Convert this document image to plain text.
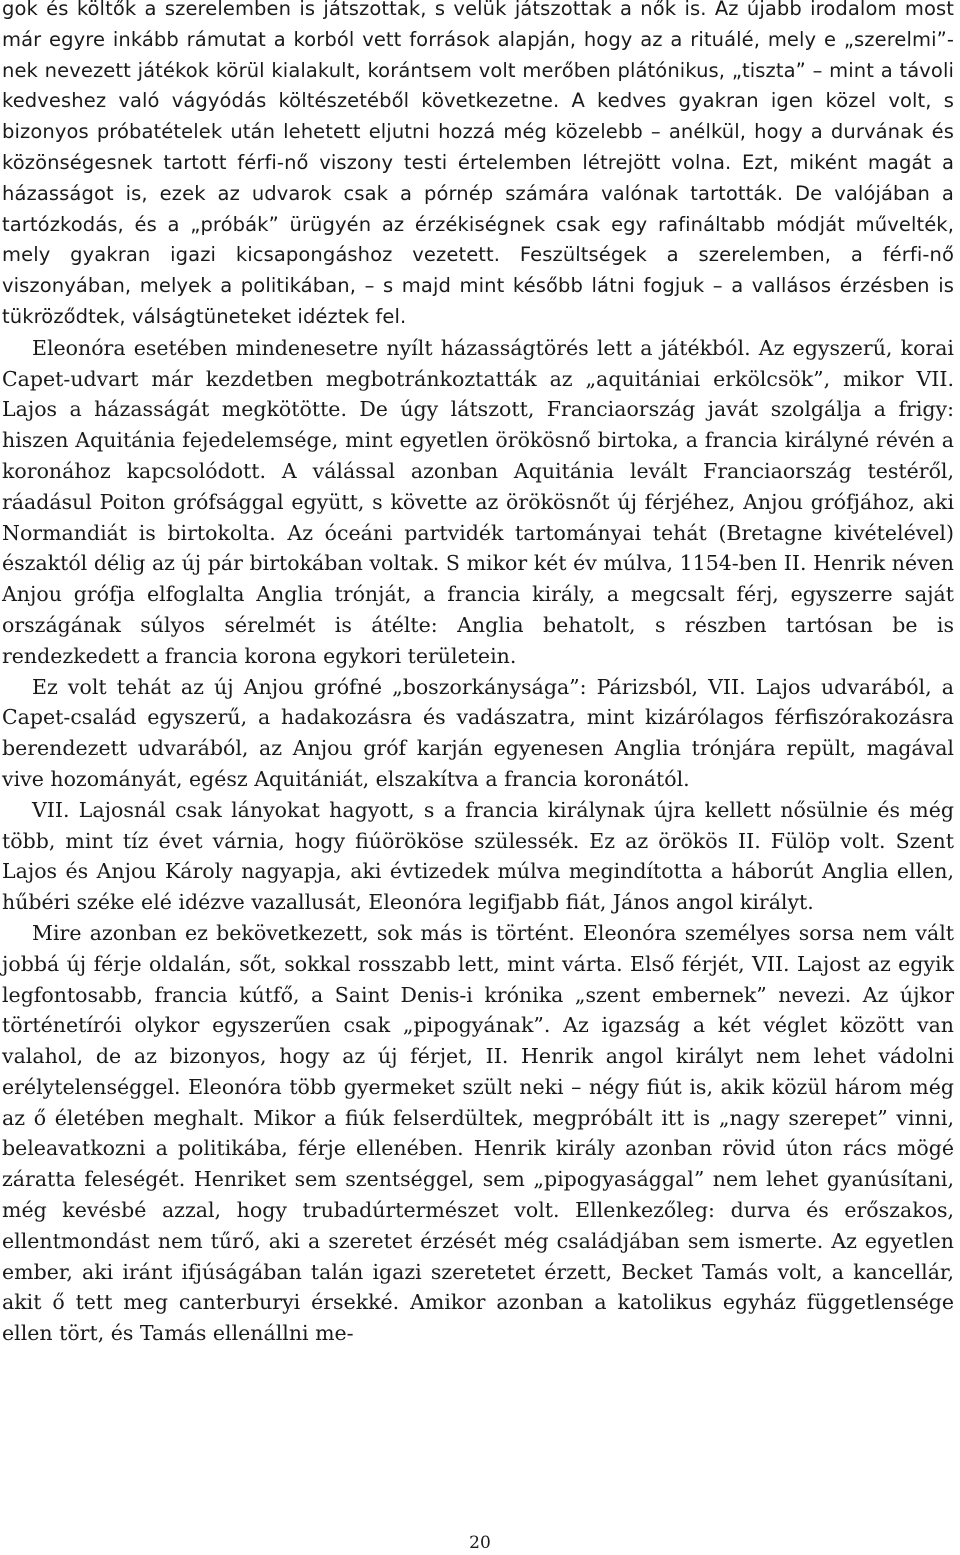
gok és költők a szerelemben is játszottak, s velük játszottak a nők is. Az újabb irodalom most már egyre inkább rámutat a korból vett források alapján, hogy az a rituálé, mely e „szerelmi”-nek nevezett játékok körül kialakult, korántsem volt merőben plátónikus, „tiszta” – mint a távoli kedveshez való vágyódás költészetéből következetne. A kedves gyakran igen közel volt, s bizonyos próbatételek után lehetett eljutni hozzá még közelebb – anélkül, hogy a durvának és közönségesnek tartott férfi-nő viszony testi értelemben létrejött volna. Ezt, miként magát a házasságot is, ezek az udvarok csak a pórnép számára valónak tartották. De valójában a tartózkodás, és a „próbák” ürügyén az érzékiségnek csak egy rafináltabb módját művelték, mely gyakran igazi kicsapongáshoz vezetett. Feszültségek a szerelemben, a férfi-nő viszonyában, melyek a politikában, – s majd mint később látni fogjuk – a vallásos érzésben is tükröződtek, válságtüneteket idéztek fel.

Eleonóra esetében mindenesetre nyílt házasságtörés lett a játékból. Az egyszerű, korai Capet-udvart már kezdetben megbotránkoztatták az „aquitániai erkölcsök”, mikor VII. Lajos a házasságát megkötötte. De úgy látszott, Franciaország javát szolgálja a frigy: hiszen Aquitánia fejedelemsége, mint egyetlen örökösnő birtoka, a francia királyné révén a koronához kapcsolódott. A válással azonban Aquitánia levált Franciaország testéről, ráadásul Poiton grófsággal együtt, s követte az örökösnőt új férjéhez, Anjou grófjához, aki Normandiát is birtokolta. Az óceáni partvidék tartományai tehát (Bretagne kivételével) északtól délig az új pár birtokában voltak. S mikor két év múlva, 1154-ben II. Henrik néven Anjou grófja elfoglalta Anglia trónját, a francia király, a megcsalt férj, egyszerre saját országának súlyos sérelmét is átélte: Anglia behatolt, s részben tartósan be is rendezkedett a francia korona egykori területein.

Ez volt tehát az új Anjou grófné „boszorkánysága”: Párizsból, VII. Lajos udvarából, a Capet-család egyszerű, a hadakozásra és vadászatra, mint kizárólagos férfiszórakozásra berendezett udvarából, az Anjou gróf karján egyenesen Anglia trónjára repült, magával vive hozományát, egész Aquitániát, elszakítva a francia koronától.

VII. Lajosnál csak lányokat hagyott, s a francia királynak újra kellett nősülnie és még több, mint tíz évet várnia, hogy fiúörököse szülessék. Ez az örökös II. Fülöp volt. Szent Lajos és Anjou Károly nagyapja, aki évtizedek múlva megindította a háborút Anglia ellen, hűbéri széke elé idézve vazallusát, Eleonóra legifjabb fiát, János angol királyt.

Mire azonban ez bekövetkezett, sok más is történt. Eleonóra személyes sorsa nem vált jobbá új férje oldalán, sőt, sokkal rosszabb lett, mint várta. Első férjét, VII. Lajost az egyik legfontosabb, francia kútfő, a Saint Denis-i krónika „szent embernek” nevezi. Az újkor történetírói olykor egyszerűen csak „pipogyának”. Az igazság a két véglet között van valahol, de az bizonyos, hogy az új férjet, II. Henrik angol királyt nem lehet vádolni erélytelenséggel. Eleonóra több gyermeket szült neki – négy fiút is, akik közül három még az ő életében meghalt. Mikor a fiúk felserdültek, megpróbált itt is „nagy szerepet” vinni, beleavatkozni a politikába, férje ellenében. Henrik király azonban rövid úton rács mögé záratta feleségét. Henriket sem szentséggel, sem „pipogyasággal” nem lehet gyanúsítani, még kevésbé azzal, hogy trubadúrtermészet volt. Ellenkezőleg: durva és erőszakos, ellentmondást nem tűrő, aki a szeretet érzését még családjában sem ismerte. Az egyetlen ember, aki iránt ifjúságában talán igazi szeretetet érzett, Becket Tamás volt, a kancellár, akit ő tett meg canterburyi érsekké. Amikor azonban a katolikus egyház függetlensége ellen tört, és Tamás ellenállni me-

20
